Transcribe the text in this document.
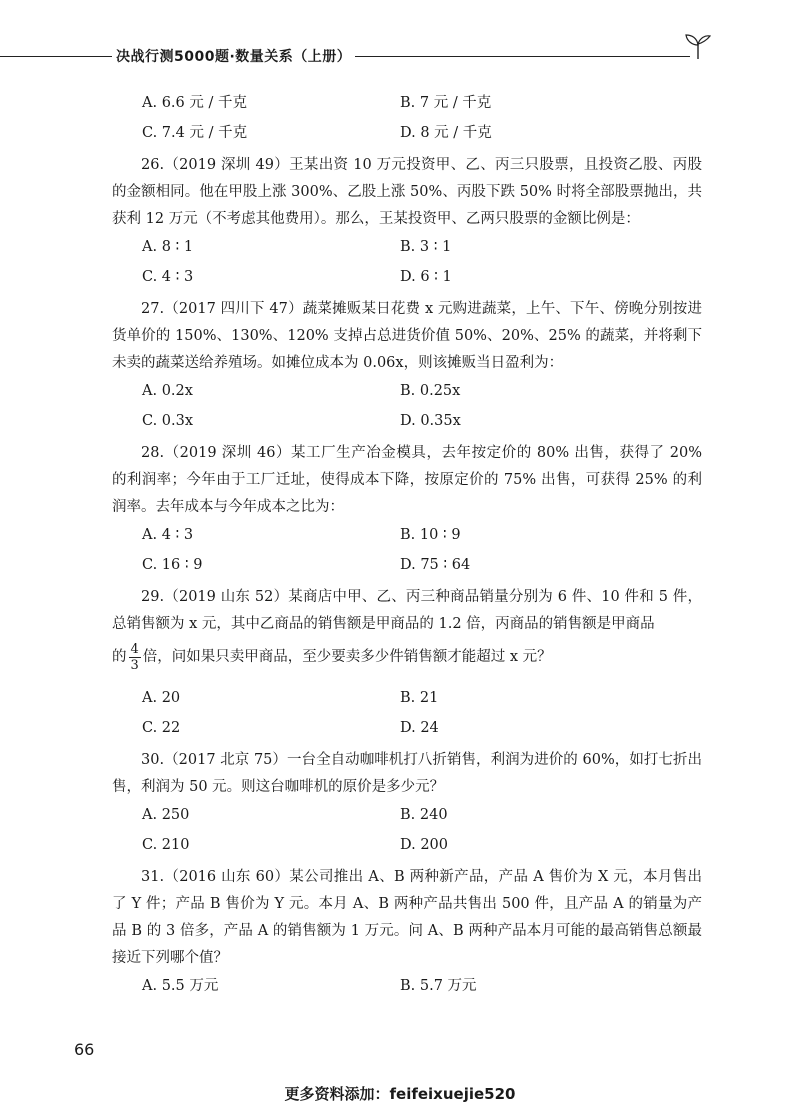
决战行测5000题·数量关系（上册）
A. 6.6 元 / 千克	B. 7 元 / 千克
C. 7.4 元 / 千克	D. 8 元 / 千克

26.（2019 深圳 49）王某出资 10 万元投资甲、乙、丙三只股票，且投资乙股、丙股的金额相同。他在甲股上涨 300%、乙股上涨 50%、丙股下跌 50% 时将全部股票抛出，共获利 12 万元（不考虑其他费用）。那么，王某投资甲、乙两只股票的金额比例是：

A. 8 ∶ 1	B. 3 ∶ 1
C. 4 ∶ 3	D. 6 ∶ 1

27.（2017 四川下 47）蔬菜摊贩某日花费 x 元购进蔬菜，上午、下午、傍晚分别按进货单价的 150%、130%、120% 支掉占总进货价值 50%、20%、25% 的蔬菜，并将剩下未卖的蔬菜送给养殖场。如摊位成本为 0.06x，则该摊贩当日盈利为：

A. 0.2x	B. 0.25x
C. 0.3x	D. 0.35x

28.（2019 深圳 46）某工厂生产冶金模具，去年按定价的 80% 出售，获得了 20% 的利润率；今年由于工厂迁址，使得成本下降，按原定价的 75% 出售，可获得 25% 的利润率。去年成本与今年成本之比为：

A. 4 ∶ 3	B. 10 ∶ 9
C. 16 ∶ 9	D. 75 ∶ 64

29.（2019 山东 52）某商店中甲、乙、丙三种商品销量分别为 6 件、10 件和 5 件，总销售额为 x 元，其中乙商品的销售额是甲商品的 1.2 倍，丙商品的销售额是甲商品

的 $\frac{4}{3}$ 倍，问如果只卖甲商品，至少要卖多少件销售额才能超过 x 元？
A. 20	B. 21
C. 22	D. 24

30.（2017 北京 75）一台全自动咖啡机打八折销售，利润为进价的 60%，如打七折出售，利润为 50 元。则这台咖啡机的原价是多少元？

A. 250	B. 240
C. 210	D. 200

31.（2016 山东 60）某公司推出 A、B 两种新产品，产品 A 售价为 X 元，本月售出了 Y 件；产品 B 售价为 Y 元。本月 A、B 两种产品共售出 500 件，且产品 A 的销量为产品 B 的 3 倍多，产品 A 的销售额为 1 万元。问 A、B 两种产品本月可能的最高销售总额最接近下列哪个值？

A. 5.5 万元	B. 5.7 万元
66
更多资料添加：feifeixuejie520
